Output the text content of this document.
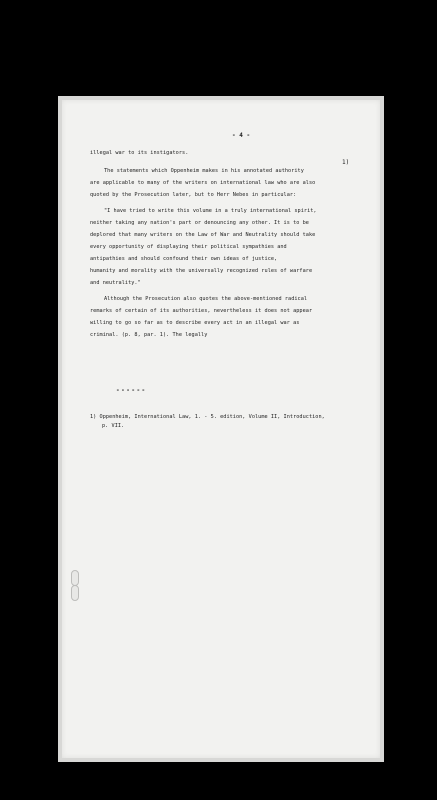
- 4 -
illegal war to its instigators.
1)
The statements which Oppenheim makes in his annotated authority
are applicable to many of the writers on international law who are also
quoted by the Prosecution later, but to Herr Nebes in particular:
"I have tried to write this volume in a truly international spirit,
neither taking any nation's part or denouncing any other. It is to be
deplored that many writers on the Law of War and Neutrality should take
every opportunity of displaying their political sympathies and
antipathies and should confound their own ideas of justice,
humanity and morality with the universally recognized rules of warfare
and neutrality."
Although the Prosecution also quotes the above-mentioned radical
remarks of certain of its authorities, nevertheless it does not appear
willing to go so far as to describe every act in an illegal war as
criminal. (p. 8, par. 1). The legally
------
1) Oppenheim, International Law, 1. - 5. edition, Volume II, Introduction,
p. VII.
